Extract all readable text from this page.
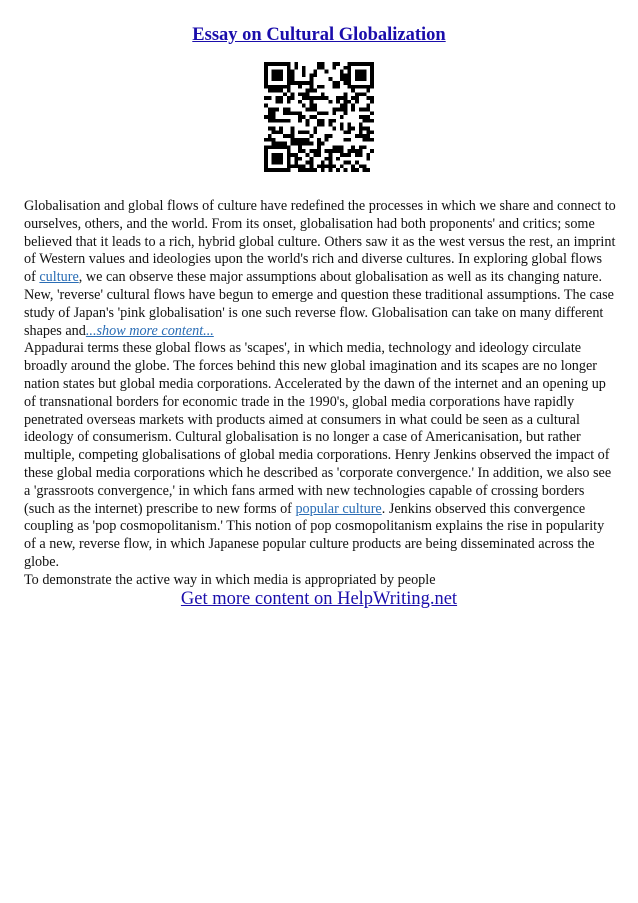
Essay on Cultural Globalization

Globalisation and global flows of culture have redefined the processes in which we share and connect to ourselves, others, and the world. From its onset, globalisation had both proponents' and critics; some believed that it leads to a rich, hybrid global culture. Others saw it as the west versus the rest, an imprint of Western values and ideologies upon the world's rich and diverse cultures. In exploring global flows of culture, we can observe these major assumptions about globalisation as well as its changing nature. New, 'reverse' cultural flows have begun to emerge and question these traditional assumptions. The case study of Japan's 'pink globalisation' is one such reverse flow. Globalisation can take on many different shapes and...show more content...

Appadurai terms these global flows as 'scapes', in which media, technology and ideology circulate broadly around the globe. The forces behind this new global imagination and its scapes are no longer nation states but global media corporations. Accelerated by the dawn of the internet and an opening up of transnational borders for economic trade in the 1990's, global media corporations have rapidly penetrated overseas markets with products aimed at consumers in what could be seen as a cultural ideology of consumerism. Cultural globalisation is no longer a case of Americanisation, but rather multiple, competing globalisations of global media corporations. Henry Jenkins observed the impact of these global media corporations which he described as 'corporate convergence.' In addition, we also see a 'grassroots convergence,' in which fans armed with new technologies capable of crossing borders (such as the internet) prescribe to new forms of popular culture. Jenkins observed this convergence coupling as 'pop cosmopolitanism.' This notion of pop cosmopolitanism explains the rise in popularity of a new, reverse flow, in which Japanese popular culture products are being disseminated across the globe.

To demonstrate the active way in which media is appropriated by people

Get more content on HelpWriting.net
